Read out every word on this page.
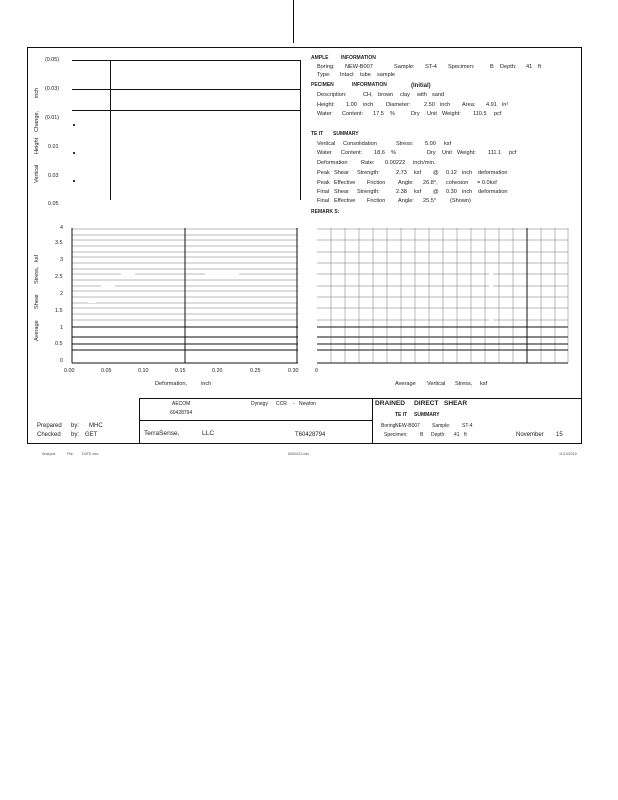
(0.05)
(0.03)
(0.01)
0.01
0.03
0.05
Vertical
Height
Change,
inch
AMPLE	INFORMATION
Boring: NEW-B007	Sample: ST-4 Specimen:	B Depth: 41 ft
Type: Intact tube sample
PECIMEN	INFORMATION	(Initial)
Description:	CH, brown clay with sand
Height: 1.00 inch Diameter: 2.50 inch Area: 4.91 in²
Water Content: 17.5 %	Dry Unit Weight: 110.5 pcf
TE IT SUMMARY
Vertical Consolidation	Stress: 5.00 ksf
Water Content: 18.6 %	Dry Unit Weight: 111.1 pcf
Deformation Rate: 0.00222 inch/min.
Peak Shear Strength:	2.73 ksf @ 0.12 inch deformation
Peak Effective Friction Angle: 26.8°, cohesion = 0.0ksf
Final Shear Strength:	2.38 ksf @ 0.30 inch deformation
Final Effective Friction Angle: 25.5° (Shown)
REMARK S:
4
3.5
3
2.5
2
1.5
1
0.5
0
0.00	0.05	0.10	0.15	0.20	0.25	0.30
Deformation, inch
Average
Shear
Stress,
ksf
0
Average Vertical Stress, ksf
AECOM
60428794
Dynegy CCR - Newton	DRAINED DIRECT SHEAR
TE IT SUMMARY
Boring:
NEW-B007 Sample: ST-4
Specimen: B Depth: 41 ft
Prepared by: MHC
Checked by: GET	TerraSense,	LLC	T60428794	November 15
Analysis	File: DATE.xlsx	6060023.xlsx	11/10/2015
